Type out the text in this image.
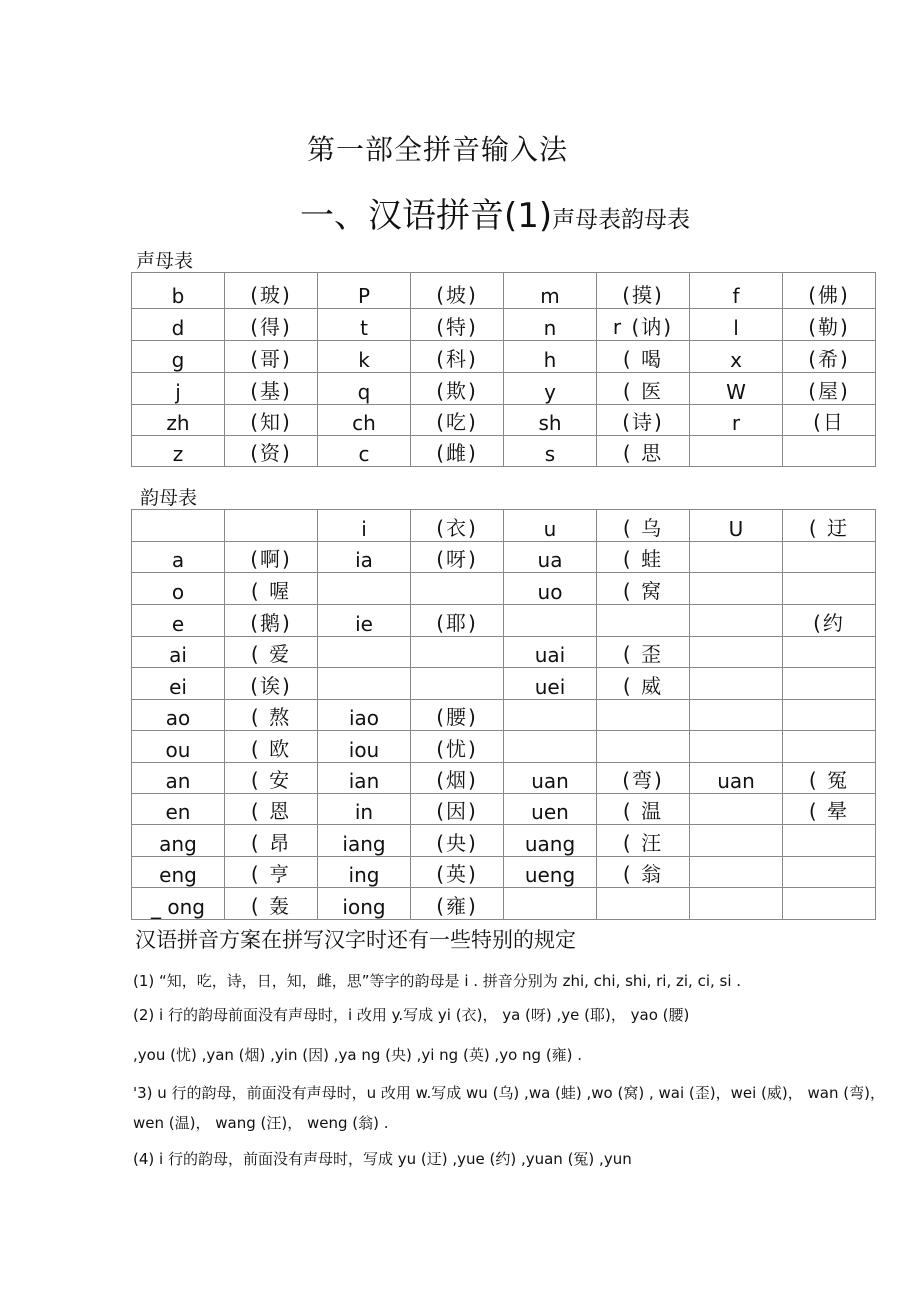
第一部全拼音输入法
一、汉语拼音(1)声母表韵母表
声母表
b	(玻)	P	(坡)	m	(摸)	f	(佛)
d	(得)	t	(特)	n	r (讷)	l	(勒)
g	(哥)	k	(科)	h	( 喝	x	(希)
j	(基)	q	(欺)	y	( 医	W	(屋)
zh	(知)	ch	(吃)	sh	(诗)	r	(日
z	(资)	c	(雌)	s	( 思		
韵母表
		i	(衣)	u	( 乌	U	( 迂
a	(啊)	ia	(呀)	ua	( 蛙		
o	( 喔			uo	( 窝		
e	(鹅)	ie	(耶)				(约
ai	( 爱			uai	( 歪		
ei	(诶)			uei	( 威		
ao	( 熬	iao	(腰)				
ou	( 欧	iou	(忧)				
an	( 安	ian	(烟)	uan	(弯)	uan	( 冤
en	( 恩	in	(因)	uen	( 温		( 晕
ang	( 昂	iang	(央)	uang	( 汪		
eng	( 亨	ing	(英)	ueng	( 翁		
_ ong	( 轰	iong	(雍)				
汉语拼音方案在拼写汉字时还有一些特别的规定

(1) “知，吃，诗，日，知，雌，思”等字的韵母是 i . 拼音分别为 zhi, chi, shi, ri, zi, ci, si .

(2) i 行的韵母前面没有声母时，i 改用 y.写成 yi (衣)， ya (呀) ,ye (耶)， yao (腰)

,you (忧) ,yan (烟) ,yin (因) ,ya ng (央) ,yi ng (英) ,yo ng (雍) .

'3) u 行的韵母，前面没有声母时，u 改用 w.写成 wu (乌) ,wa (蛙) ,wo (窝) , wai (歪)，wei (威)， wan (弯)， wen (温)， wang (汪)， weng (翁) .

(4) i 行的韵母，前面没有声母时，写成 yu (迂) ,yue (约) ,yuan (冤) ,yun
